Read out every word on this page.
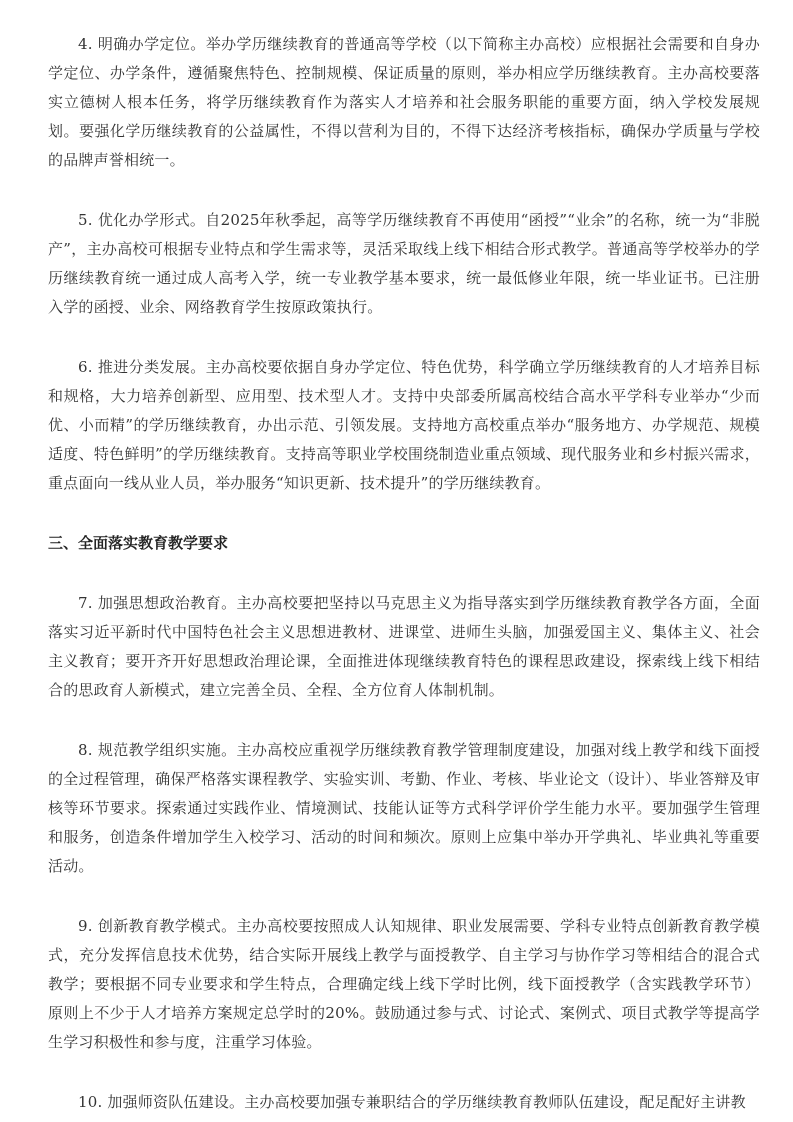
4. 明确办学定位。举办学历继续教育的普通高等学校（以下简称主办高校）应根据社会需要和自身办学定位、办学条件，遵循聚焦特色、控制规模、保证质量的原则，举办相应学历继续教育。主办高校要落实立德树人根本任务，将学历继续教育作为落实人才培养和社会服务职能的重要方面，纳入学校发展规划。要强化学历继续教育的公益属性，不得以营利为目的，不得下达经济考核指标，确保办学质量与学校的品牌声誉相统一。

5. 优化办学形式。自2025年秋季起，高等学历继续教育不再使用“函授”“业余”的名称，统一为“非脱产”，主办高校可根据专业特点和学生需求等，灵活采取线上线下相结合形式教学。普通高等学校举办的学历继续教育统一通过成人高考入学，统一专业教学基本要求，统一最低修业年限，统一毕业证书。已注册入学的函授、业余、网络教育学生按原政策执行。

6. 推进分类发展。主办高校要依据自身办学定位、特色优势，科学确立学历继续教育的人才培养目标和规格，大力培养创新型、应用型、技术型人才。支持中央部委所属高校结合高水平学科专业举办“少而优、小而精”的学历继续教育，办出示范、引领发展。支持地方高校重点举办“服务地方、办学规范、规模适度、特色鲜明”的学历继续教育。支持高等职业学校围绕制造业重点领域、现代服务业和乡村振兴需求，重点面向一线从业人员，举办服务“知识更新、技术提升”的学历继续教育。

三、全面落实教育教学要求

7. 加强思想政治教育。主办高校要把坚持以马克思主义为指导落实到学历继续教育教学各方面，全面落实习近平新时代中国特色社会主义思想进教材、进课堂、进师生头脑，加强爱国主义、集体主义、社会主义教育；要开齐开好思想政治理论课，全面推进体现继续教育特色的课程思政建设，探索线上线下相结合的思政育人新模式，建立完善全员、全程、全方位育人体制机制。

8. 规范教学组织实施。主办高校应重视学历继续教育教学管理制度建设，加强对线上教学和线下面授的全过程管理，确保严格落实课程教学、实验实训、考勤、作业、考核、毕业论文（设计）、毕业答辩及审核等环节要求。探索通过实践作业、情境测试、技能认证等方式科学评价学生能力水平。要加强学生管理和服务，创造条件增加学生入校学习、活动的时间和频次。原则上应集中举办开学典礼、毕业典礼等重要活动。

9. 创新教育教学模式。主办高校要按照成人认知规律、职业发展需要、学科专业特点创新教育教学模式，充分发挥信息技术优势，结合实际开展线上教学与面授教学、自主学习与协作学习等相结合的混合式教学；要根据不同专业要求和学生特点，合理确定线上线下学时比例，线下面授教学（含实践教学环节）原则上不少于人才培养方案规定总学时的20%。鼓励通过参与式、讨论式、案例式、项目式教学等提高学生学习积极性和参与度，注重学习体验。

10. 加强师资队伍建设。主办高校要加强专兼职结合的学历继续教育教师队伍建设，配足配好主讲教
